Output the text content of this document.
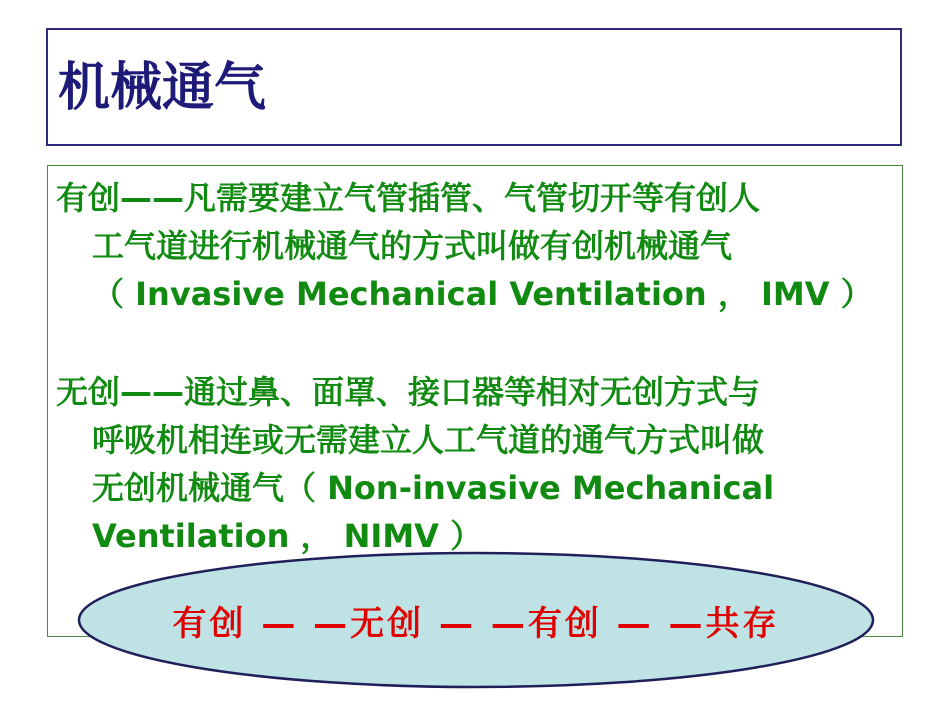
机械通气
有创——凡需要建立气管插管、气管切开等有创人
工气道进行机械通气的方式叫做有创机械通气
（ Invasive Mechanical Ventilation ， IMV ）
无创——通过鼻、面罩、接口器等相对无创方式与
呼吸机相连或无需建立人工气道的通气方式叫做
无创机械通气（ Non-invasive Mechanical
Ventilation ， NIMV ）
有创 — —无创 — —有创 — —共存
